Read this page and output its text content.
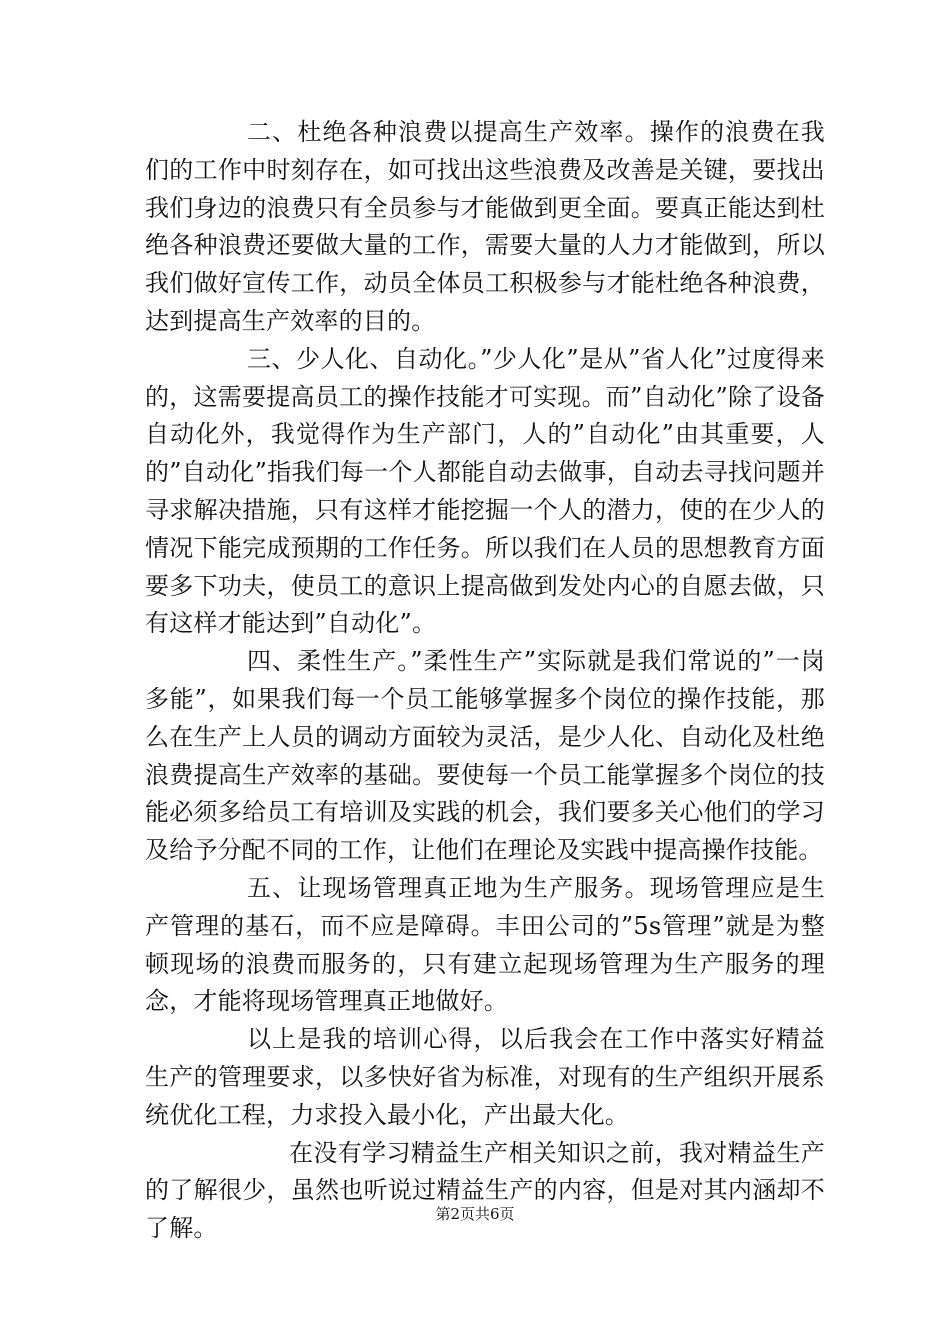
二、杜绝各种浪费以提高生产效率。操作的浪费在我们的工作中时刻存在，如可找出这些浪费及改善是关键，要找出我们身边的浪费只有全员参与才能做到更全面。要真正能达到杜绝各种浪费还要做大量的工作，需要大量的人力才能做到，所以我们做好宣传工作，动员全体员工积极参与才能杜绝各种浪费，达到提高生产效率的目的。

三、少人化、自动化。”少人化”是从”省人化”过度得来的，这需要提高员工的操作技能才可实现。而”自动化”除了设备自动化外，我觉得作为生产部门，人的”自动化”由其重要，人的”自动化”指我们每一个人都能自动去做事，自动去寻找问题并寻求解决措施，只有这样才能挖掘一个人的潜力，使的在少人的情况下能完成预期的工作任务。所以我们在人员的思想教育方面要多下功夫，使员工的意识上提高做到发处内心的自愿去做，只有这样才能达到”自动化”。

四、柔性生产。”柔性生产”实际就是我们常说的”一岗多能”，如果我们每一个员工能够掌握多个岗位的操作技能，那么在生产上人员的调动方面较为灵活，是少人化、自动化及杜绝浪费提高生产效率的基础。要使每一个员工能掌握多个岗位的技能必须多给员工有培训及实践的机会，我们要多关心他们的学习及给予分配不同的工作，让他们在理论及实践中提高操作技能。

五、让现场管理真正地为生产服务。现场管理应是生产管理的基石，而不应是障碍。丰田公司的”5s管理”就是为整顿现场的浪费而服务的，只有建立起现场管理为生产服务的理念，才能将现场管理真正地做好。

以上是我的培训心得，以后我会在工作中落实好精益生产的管理要求，以多快好省为标准，对现有的生产组织开展系统优化工程，力求投入最小化，产出最大化。

在没有学习精益生产相关知识之前，我对精益生产的了解很少，虽然也听说过精益生产的内容，但是对其内涵却不了解。

第2页共6页
